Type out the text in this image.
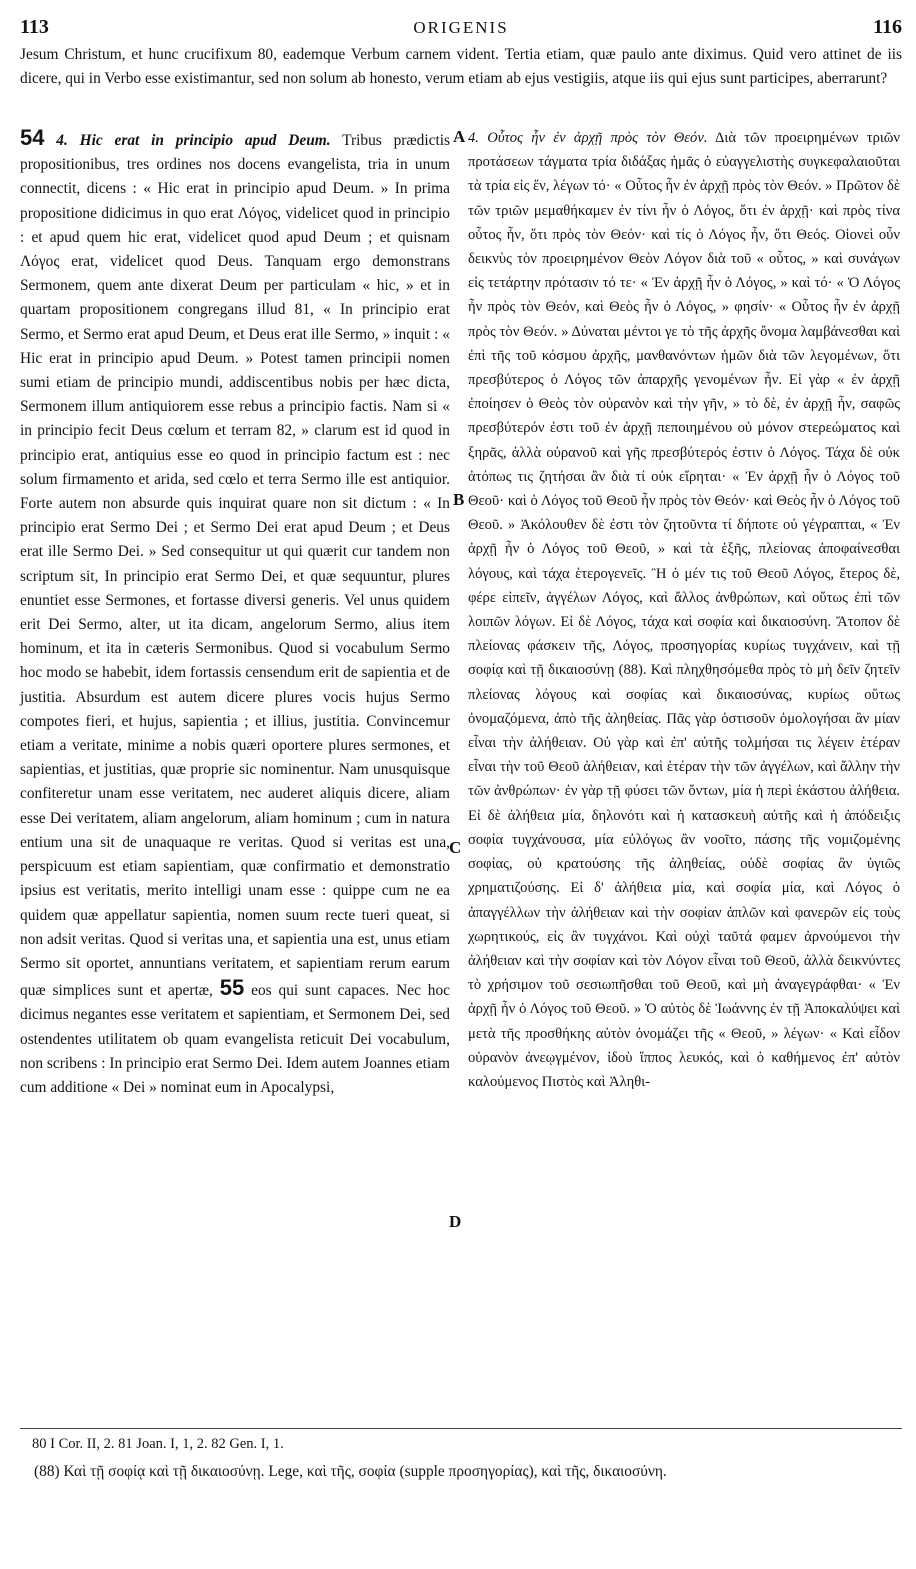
113	ORIGENIS	116
Jesum Christum, et hunc crucifixum 80, eademque Verbum carnem vident. Tertia etiam, quæ paulo ante diximus. Quid vero attinet de iis dicere, qui in Verbo esse existimantur, sed non solum ab honesto, verum etiam ab ejus vestigiis, atque iis qui ejus sunt participes, aberrarunt?

54 4. Hic erat in principio apud Deum. Tribus prædictis propositionibus, tres ordines nos docens evangelista, tria in unum connectit, dicens : « Hic erat in principio apud Deum. » In prima propositione didicimus in quo erat Λόγος, videlicet quod in principio : et apud quem hic erat, videlicet quod apud Deum ; et quisnam Λόγος erat, videlicet quod Deus. Tanquam ergo demonstrans Sermonem, quem ante dixerat Deum per particulam « hic, » et in quartam propositionem congregans illud 81, « In principio erat Sermo, et Sermo erat apud Deum, et Deus erat ille Sermo, » inquit : « Hic erat in principio apud Deum. » Potest tamen principii nomen sumi etiam de principio mundi, addiscentibus nobis per hæc dicta, Sermonem illum antiquiorem esse rebus a principio factis. Nam si « in principio fecit Deus cœlum et terram 82, » clarum est id quod in principio erat, antiquius esse eo quod in principio factum est : nec solum firmamento et arida, sed cœlo et terra Sermo ille est antiquior. Forte autem non absurde quis inquirat quare non sit dictum : « In principio erat Sermo Dei ; et Sermo Dei erat apud Deum ; et Deus erat ille Sermo Dei. » Sed consequitur ut qui quærit cur tandem non scriptum sit, In principio erat Sermo Dei, et quæ sequuntur, plures enuntiet esse Sermones, et fortasse diversi generis. Vel unus quidem erit Dei Sermo, alter, ut ita dicam, angelorum Sermo, alius item hominum, et ita in cæteris Sermonibus. Quod si vocabulum Sermo hoc modo se habebit, idem fortassis censendum erit de sapientia et de justitia. Absurdum est autem dicere plures vocis hujus Sermo compotes fieri, et hujus, sapientia ; et illius, justitia. Convincemur etiam a veritate, minime a nobis quæri oportere plures sermones, et sapientias, et justitias, quæ proprie sic nominentur. Nam unusquisque confiteretur unam esse veritatem, nec auderet aliquis dicere, aliam esse Dei veritatem, aliam angelorum, aliam hominum ; cum in natura entium una sit de unaquaque re veritas. Quod si veritas est una, perspicuum est etiam sapientiam, quæ confirmatio et demonstratio ipsius est veritatis, merito intelligi unam esse : quippe cum ne ea quidem quæ appellatur sapientia, nomen suum recte tueri queat, si non adsit veritas. Quod si veritas una, et sapientia una est, unus etiam Sermo sit oportet, annuntians veritatem, et sapientiam rerum earum quæ simplices sunt et apertæ, 55 eos qui sunt capaces. Nec hoc dicimus negantes esse veritatem et sapientiam, et Sermonem Dei, sed ostendentes utilitatem ob quam evangelista reticuit Dei vocabulum, non scribens : In principio erat Sermo Dei. Idem autem Joannes etiam cum additione « Dei » nominat eum in Apocalypsi,

A
B
C
D

4. Οὗτος ἦν ἐν ἀρχῇ πρὸς τὸν Θεόν. Διὰ τῶν προειρημένων τριῶν προτάσεων τάγματα τρία διδάξας ἡμᾶς ὁ εὐαγγελιστὴς συγκεφαλαιοῦται τὰ τρία εἰς ἕν, λέγων τό· « Οὗτος ἦν ἐν ἀρχῇ πρὸς τὸν Θεόν. » Πρῶτον δὲ τῶν τριῶν μεμαθήκαμεν ἐν τίνι ἦν ὁ Λόγος, ὅτι ἐν ἀρχῇ· καὶ πρὸς τίνα οὗτος ἦν, ὅτι πρὸς τὸν Θεόν· καὶ τίς ὁ Λόγος ἦν, ὅτι Θεός. Οἱονεὶ οὖν δεικνὺς τὸν προειρημένον Θεὸν Λόγον διὰ τοῦ « οὗτος, » καὶ συνάγων εἰς τετάρτην πρότασιν τό τε· « Ἐν ἀρχῇ ἦν ὁ Λόγος, » καὶ τό· « Ὁ Λόγος ἦν πρὸς τὸν Θεόν, καὶ Θεὸς ἦν ὁ Λόγος, » φησίν· « Οὗτος ἦν ἐν ἀρχῇ πρὸς τὸν Θεόν. » Δύναται μέντοι γε τὸ τῆς ἀρχῆς ὄνομα λαμβάνεσθαι καὶ ἐπὶ τῆς τοῦ κόσμου ἀρχῆς, μανθανόντων ἡμῶν διὰ τῶν λεγομένων, ὅτι πρεσβύτερος ὁ Λόγος τῶν ἀπαρχῆς γενομένων ἦν. Εἰ γὰρ « ἐν ἀρχῇ ἐποίησεν ὁ Θεὸς τὸν οὐρανὸν καὶ τὴν γῆν, » τὸ δὲ, ἐν ἀρχῇ ἦν, σαφῶς πρεσβύτερόν ἐστι τοῦ ἐν ἀρχῇ πεποιημένου οὐ μόνον στερεώματος καὶ ξηρᾶς, ἀλλὰ οὐρανοῦ καὶ γῆς πρεσβύτερός ἐστιν ὁ Λόγος. Τάχα δὲ οὐκ ἀτόπως τις ζητήσαι ἂν διὰ τί οὐκ εἴρηται· « Ἐν ἀρχῇ ἦν ὁ Λόγος τοῦ Θεοῦ· καὶ ὁ Λόγος τοῦ Θεοῦ ἦν πρὸς τὸν Θεόν· καὶ Θεὸς ἦν ὁ Λόγος τοῦ Θεοῦ. » Ἀκόλουθεν δὲ ἐστι τὸν ζητοῦντα τί δήποτε οὐ γέγραπται, « Ἐν ἀρχῇ ἦν ὁ Λόγος τοῦ Θεοῦ, » καὶ τὰ ἑξῆς, πλείονας ἀποφαίνεσθαι λόγους, καὶ τάχα ἑτερογενεῖς. Ἢ ὁ μέν τις τοῦ Θεοῦ Λόγος, ἕτερος δὲ, φέρε εἰπεῖν, ἀγγέλων Λόγος, καὶ ἄλλος ἀνθρώπων, καὶ οὕτως ἐπὶ τῶν λοιπῶν λόγων. Εἰ δὲ Λόγος, τάχα καὶ σοφία καὶ δικαιοσύνη. Ἄτοπον δὲ πλείονας φάσκειν τῆς, Λόγος, προσηγορίας κυρίως τυγχάνειν, καὶ τῇ σοφίᾳ καὶ τῇ δικαιοσύνῃ (88). Καὶ πληχθησόμεθα πρὸς τὸ μὴ δεῖν ζητεῖν πλείονας λόγους καὶ σοφίας καὶ δικαιοσύνας, κυρίως οὕτως ὀνομαζόμενα, ἀπὸ τῆς ἀληθείας. Πᾶς γὰρ ὁστισοῦν ὁμολογήσαι ἂν μίαν εἶναι τὴν ἀλήθειαν. Οὐ γὰρ καὶ ἐπ' αὐτῆς τολμήσαι τις λέγειν ἑτέραν εἶναι τὴν τοῦ Θεοῦ ἀλήθειαν, καὶ ἑτέραν τὴν τῶν ἀγγέλων, καὶ ἄλλην τὴν τῶν ἀνθρώπων· ἐν γὰρ τῇ φύσει τῶν ὄντων, μία ἡ περὶ ἑκάστου ἀλήθεια. Εἰ δὲ ἀλήθεια μία, δηλονότι καὶ ἡ κατασκευὴ αὐτῆς καὶ ἡ ἀπόδειξις σοφία τυγχάνουσα, μία εὐλόγως ἂν νοοῖτο, πάσης τῆς νομιζομένης σοφίας, οὐ κρατούσης τῆς ἀληθείας, οὐδὲ σοφίας ἂν ὑγιῶς χρηματιζούσης. Εἰ δ' ἀλήθεια μία, καὶ σοφία μία, καὶ Λόγος ὁ ἀπαγγέλλων τὴν ἀλήθειαν καὶ τὴν σοφίαν ἁπλῶν καὶ φανερῶν εἰς τοὺς χωρητικούς, εἰς ἂν τυγχάνοι. Καὶ οὐχὶ ταῦτά φαμεν ἀρνούμενοι τὴν ἀλήθειαν καὶ τὴν σοφίαν καὶ τὸν Λόγον εἶναι τοῦ Θεοῦ, ἀλλὰ δεικνύντες τὸ χρήσιμον τοῦ σεσιωπῆσθαι τοῦ Θεοῦ, καὶ μὴ ἀναγεγράφθαι· « Ἐν ἀρχῇ ἦν ὁ Λόγος τοῦ Θεοῦ. » Ὁ αὐτὸς δὲ Ἰωάννης ἐν τῇ Ἀποκαλύψει καὶ μετὰ τῆς προσθήκης αὐτὸν ὀνομάζει τῆς « Θεοῦ, » λέγων· « Καὶ εἶδον οὐρανὸν ἀνεῳγμένον, ἰδοὺ ἵππος λευκός, καὶ ὁ καθήμενος ἐπ' αὐτὸν καλούμενος Πιστὸς καὶ Ἀληθι-

80 I Cor. II, 2. 81 Joan. I, 1, 2. 82 Gen. I, 1.
(88) Καὶ τῇ σοφίᾳ καὶ τῇ δικαιοσύνῃ. Lege, καὶ τῆς, σοφία (supple προσηγορίας), καὶ τῆς, δικαιοσύνη.
